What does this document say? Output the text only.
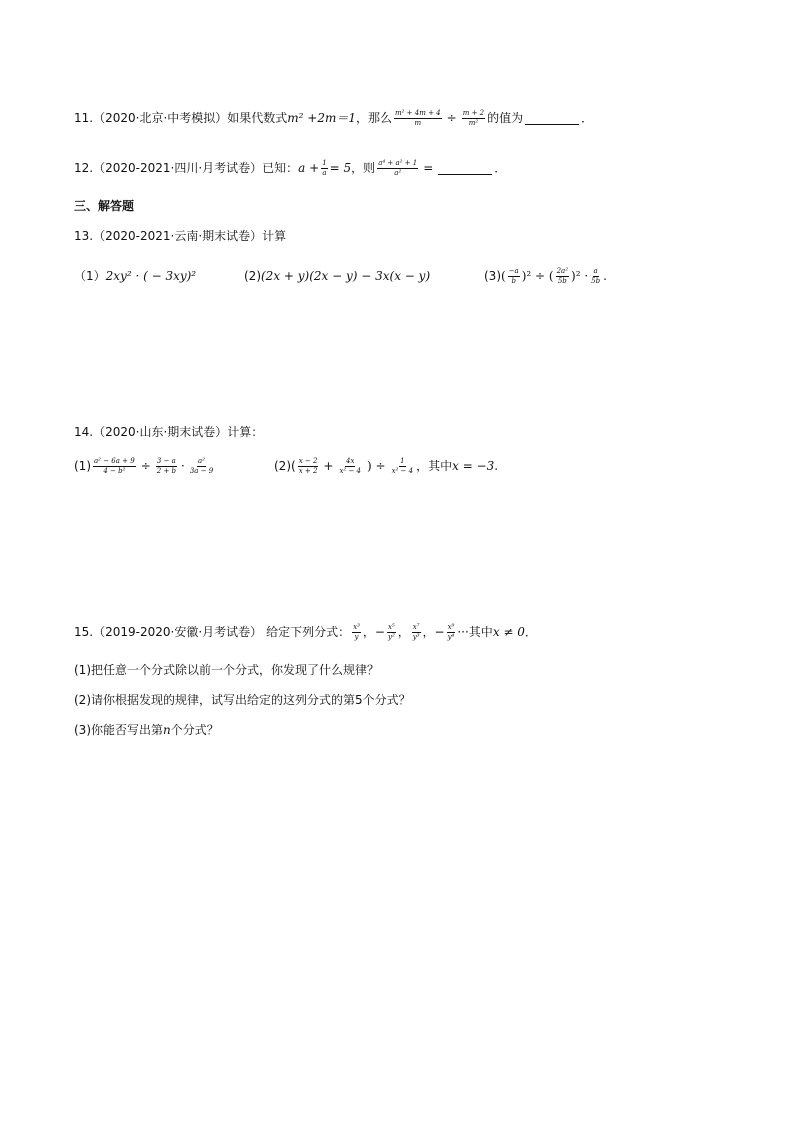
11. （2020·北京·中考模拟） 如果代数式 m² +2m＝1 ，那么 $\frac{\text{m² + 4m + 4}}{m} \div \frac{m + 2}{\text{m²}}$ 的值为	．
12. （2020-2021·四川·月考试卷） 已知： $a + \frac{1}{a} = 5$ ，则 $\frac{\text{a⁴ + a² + 1}}{\text{a²}}$ =	．
三、解答题
13. （2020-2021·云南·期末试卷） 计算
（1） 2xy² · ( − 3xy)²	(2) (2x + y)(2x − y) − 3x(x − y)	(3) ( $\frac{-a}{b} )^2$ ÷ ( $\frac{\text{2a²}}{5b} )^2 \cdot \frac{a}{5b}$ .
14. （2020·山东·期末试卷） 计算：
$(1) \frac{\text{a² − 6a + 9}}{\text{4 − b²}} \div \frac{3 - a}{2 + b} \cdot \frac{\text{a²}}{3a - 9}$	$(2)( \frac{x - 2}{x + 2} + \frac{4x}{\text{x² − 4}}$ ) ÷ $\frac{1}{\text{x² − 4}}$ ，其中 x = −3 .
15. （2019-2020·安徽·月考试卷） 给定下列分式： $\frac{\text{x³}}{y}$ ，− $\frac{\text{x⁵}}{\text{y²}}$ ， $\frac{\text{x⁷}}{\text{y³}}$ ，− $\frac{\text{x⁹}}{\text{y⁴}}$ ···其中 x ≠ 0 ．
(1)把任意一个分式除以前一个分式，你发现了什么规律？
(2)请你根据发现的规律，试写出给定的这列分式的第5个分式？
(3)你能否写出第 n 个分式？
